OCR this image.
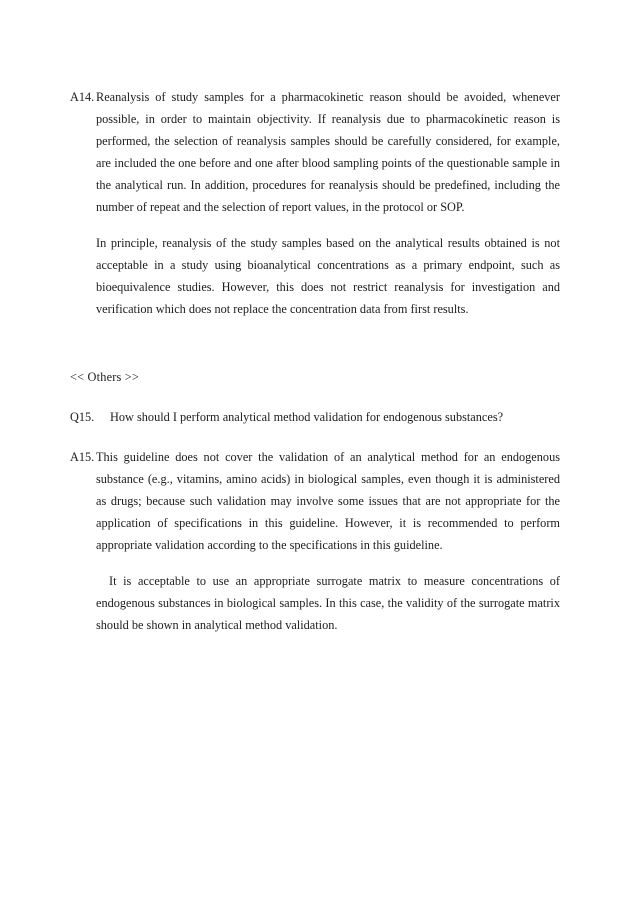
A14. Reanalysis of study samples for a pharmacokinetic reason should be avoided, whenever possible, in order to maintain objectivity. If reanalysis due to pharmacokinetic reason is performed, the selection of reanalysis samples should be carefully considered, for example, are included the one before and one after blood sampling points of the questionable sample in the analytical run. In addition, procedures for reanalysis should be predefined, including the number of repeat and the selection of report values, in the protocol or SOP.
In principle, reanalysis of the study samples based on the analytical results obtained is not acceptable in a study using bioanalytical concentrations as a primary endpoint, such as bioequivalence studies. However, this does not restrict reanalysis for investigation and verification which does not replace the concentration data from first results.
<< Others >>
Q15.	How should I perform analytical method validation for endogenous substances?
A15. This guideline does not cover the validation of an analytical method for an endogenous substance (e.g., vitamins, amino acids) in biological samples, even though it is administered as drugs; because such validation may involve some issues that are not appropriate for the application of specifications in this guideline. However, it is recommended to perform appropriate validation according to the specifications in this guideline.
It is acceptable to use an appropriate surrogate matrix to measure concentrations of endogenous substances in biological samples. In this case, the validity of the surrogate matrix should be shown in analytical method validation.
